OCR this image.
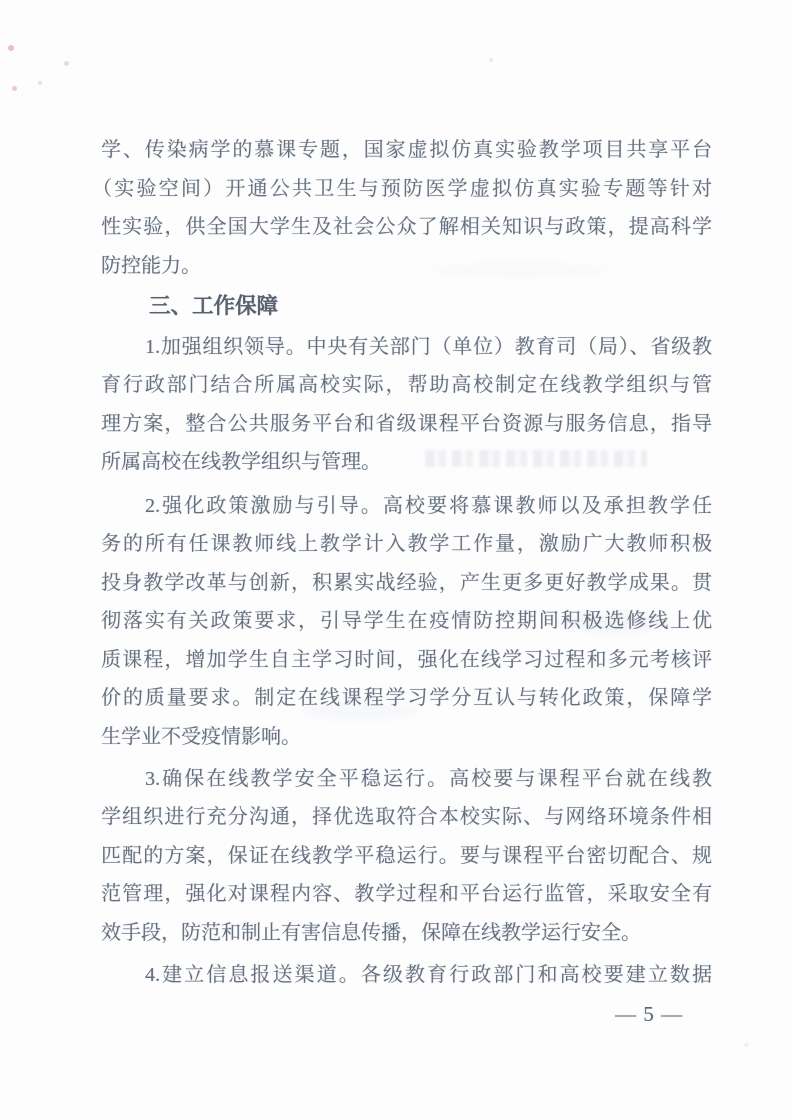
学、传染病学的慕课专题，国家虚拟仿真实验教学项目共享平台
（实验空间）开通公共卫生与预防医学虚拟仿真实验专题等针对
性实验，供全国大学生及社会公众了解相关知识与政策，提高科学
防控能力。
三、工作保障
1.加强组织领导。中央有关部门（单位）教育司（局）、省级教
育行政部门结合所属高校实际，帮助高校制定在线教学组织与管
理方案，整合公共服务平台和省级课程平台资源与服务信息，指导
所属高校在线教学组织与管理。
2.强化政策激励与引导。高校要将慕课教师以及承担教学任
务的所有任课教师线上教学计入教学工作量，激励广大教师积极
投身教学改革与创新，积累实战经验，产生更多更好教学成果。贯
彻落实有关政策要求，引导学生在疫情防控期间积极选修线上优
质课程，增加学生自主学习时间，强化在线学习过程和多元考核评
价的质量要求。制定在线课程学习学分互认与转化政策，保障学
生学业不受疫情影响。
3.确保在线教学安全平稳运行。高校要与课程平台就在线教
学组织进行充分沟通，择优选取符合本校实际、与网络环境条件相
匹配的方案，保证在线教学平稳运行。要与课程平台密切配合、规
范管理，强化对课程内容、教学过程和平台运行监管，采取安全有
效手段，防范和制止有害信息传播，保障在线教学运行安全。
4.建立信息报送渠道。各级教育行政部门和高校要建立数据
— 5 —
